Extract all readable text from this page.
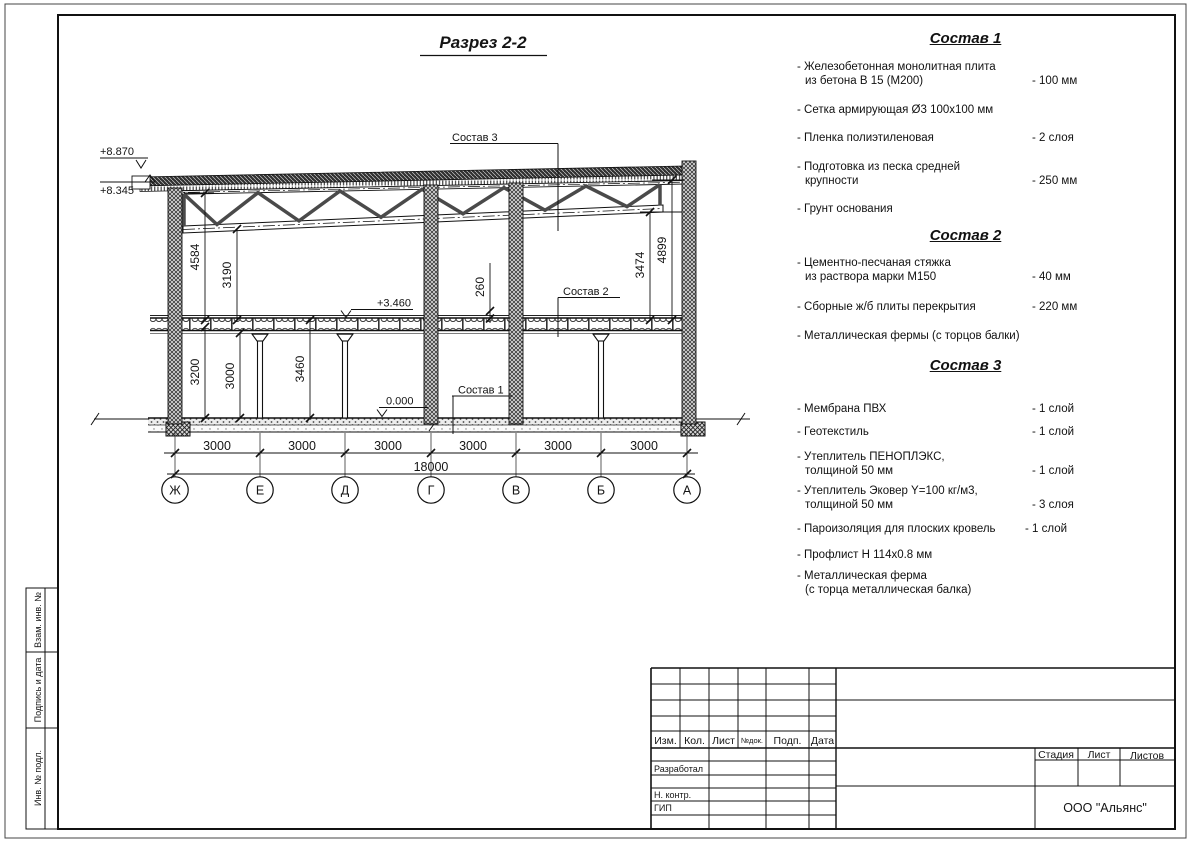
Взам. инв. №
Подпись и дата
Инв. № подл.
Изм. Кол. Лист №док. Подп. Дата
Разработал
Н. контр.
ГИП
Стадия Лист Листов
ООО "Альянс"
Разрез 2-2
3000	3000	3000	3000	3000	3000
18000
Ж	Е	Д	Г	В	Б	А
4584
3190
3200 3000	3460
260
3474
4899
+8.870
+8.345
+3.460
0.000
Состав 3
Состав 2
Состав 1
Состав 1
- Железобетонная монолитная плита
из бетона В 15 (М200)	- 100 мм
- Сетка армирующая Ø3 100х100 мм
- Пленка полиэтиленовая	- 2 слоя
- Подготовка из песка средней
крупности	- 250 мм
- Грунт основания
Состав 2
- Цементно-песчаная стяжка
из раствора марки М150	- 40 мм
- Сборные ж/б плиты перекрытия	- 220 мм
- Металлическая фермы (с торцов балки)
Состав 3
- Мембрана ПВХ	- 1 слой
- Геотекстиль	- 1 слой
- Утеплитель ПЕНОПЛЭКС,
толщиной 50 мм	- 1 слой
- Утеплитель Эковер Y=100 кг/м3,
толщиной 50 мм	- 3 слоя
- Пароизоляция для плоских кровель	- 1 слой
- Профлист Н 114х0.8 мм
- Металлическая ферма
(с торца металлическая балка)
